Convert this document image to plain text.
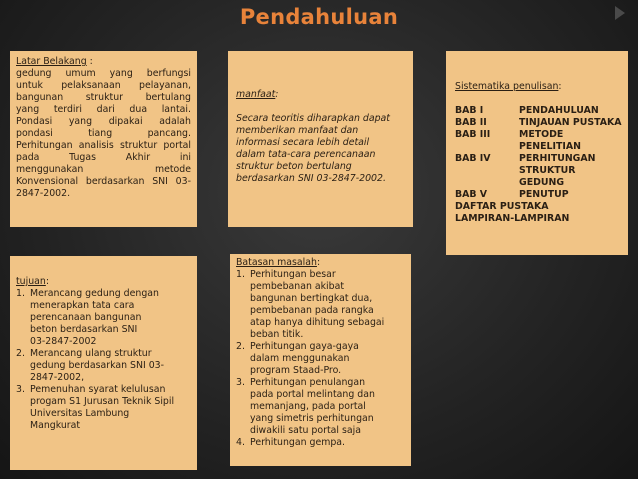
Pendahuluan
Latar Belakang :
gedung umum yang berfungsi
untuk pelaksanaan pelayanan,
bangunan struktur bertulang
yang terdiri dari dua lantai.
Pondasi yang dipakai adalah
pondasi tiang pancang.
Perhitungan analisis struktur portal
pada Tugas Akhir ini
menggunakan metode
Konvensional berdasarkan SNI 03-
2847-2002.
manfaat:
Secara teoritis diharapkan dapat
memberikan manfaat dan
informasi secara lebih detail
dalam tata-cara perencanaan
struktur beton bertulang
berdasarkan SNI 03-2847-2002.
Sistematika penulisan:
BAB I	PENDAHULUAN
BAB II	TINJAUAN PUSTAKA
BAB III	METODE PENELITIAN
BAB IV	PERHITUNGAN
STRUKTUR GEDUNG
BAB V	PENUTUP
DAFTAR PUSTAKA
LAMPIRAN-LAMPIRAN
tujuan:
1. Merancang gedung dengan
menerapkan tata cara
perencanaan bangunan
beton berdasarkan SNI
03-2847-2002
2. Merancang ulang struktur
gedung berdasarkan SNI 03-
2847-2002,
3. Pemenuhan syarat kelulusan
progam S1 Jurusan Teknik Sipil
Universitas Lambung
Mangkurat
Batasan masalah:
1. Perhitungan besar
pembebanan akibat
bangunan bertingkat dua,
pembebanan pada rangka
atap hanya dihitung sebagai
beban titik.
2. Perhitungan gaya-gaya
dalam menggunakan
program Staad-Pro.
3. Perhitungan penulangan
pada portal melintang dan
memanjang, pada portal
yang simetris perhitungan
diwakili satu portal saja
4. Perhitungan gempa.
